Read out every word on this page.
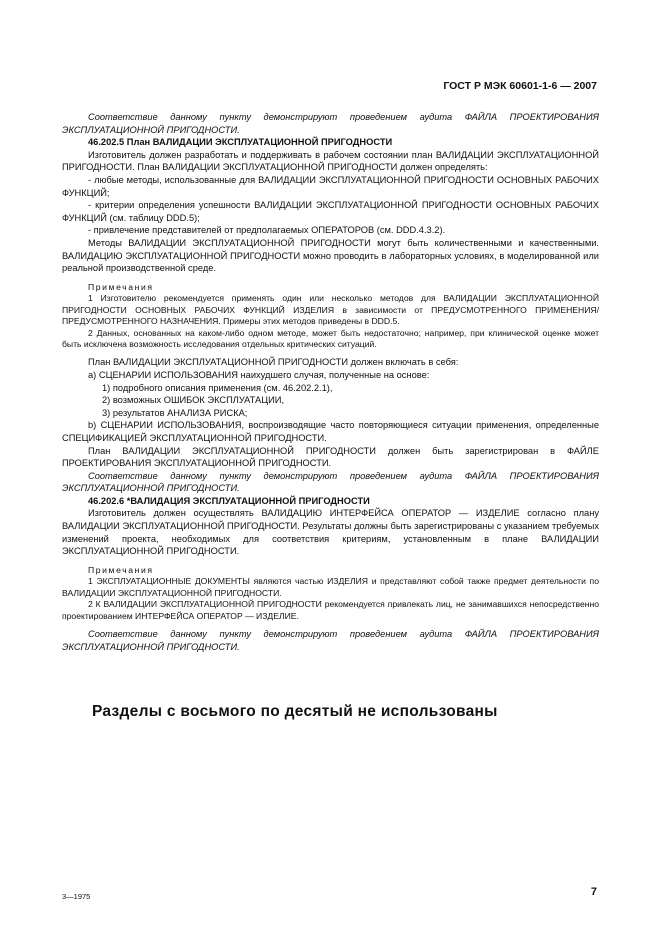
ГОСТ Р МЭК 60601-1-6 — 2007

Соответствие данному пункту демонстрируют проведением аудита ФАЙЛА ПРОЕКТИРОВАНИЯ ЭКСПЛУАТАЦИОННОЙ ПРИГОДНОСТИ.

46.202.5 План ВАЛИДАЦИИ ЭКСПЛУАТАЦИОННОЙ ПРИГОДНОСТИ

Изготовитель должен разработать и поддерживать в рабочем состоянии план ВАЛИДАЦИИ ЭКСПЛУАТАЦИОННОЙ ПРИГОДНОСТИ. План ВАЛИДАЦИИ ЭКСПЛУАТАЦИОННОЙ ПРИГОДНОСТИ должен определять:

- любые методы, использованные для ВАЛИДАЦИИ ЭКСПЛУАТАЦИОННОЙ ПРИГОДНОСТИ ОСНОВНЫХ РАБОЧИХ ФУНКЦИЙ;

- критерии определения успешности ВАЛИДАЦИИ ЭКСПЛУАТАЦИОННОЙ ПРИГОДНОСТИ ОСНОВНЫХ РАБОЧИХ ФУНКЦИЙ (см. таблицу DDD.5);

- привлечение представителей от предполагаемых ОПЕРАТОРОВ (см. DDD.4.3.2).

Методы ВАЛИДАЦИИ ЭКСПЛУАТАЦИОННОЙ ПРИГОДНОСТИ могут быть количественными и качественными. ВАЛИДАЦИЮ ЭКСПЛУАТАЦИОННОЙ ПРИГОДНОСТИ можно проводить в лабораторных условиях, в моделированной или реальной производственной среде.

Примечания

1 Изготовителю рекомендуется применять один или несколько методов для ВАЛИДАЦИИ ЭКСПЛУАТАЦИОННОЙ ПРИГОДНОСТИ ОСНОВНЫХ РАБОЧИХ ФУНКЦИЙ ИЗДЕЛИЯ в зависимости от ПРЕДУСМОТРЕННОГО ПРИМЕНЕНИЯ/ПРЕДУСМОТРЕННОГО НАЗНАЧЕНИЯ. Примеры этих методов приведены в DDD.5.

2 Данных, основанных на каком-либо одном методе, может быть недостаточно; например, при клинической оценке может быть исключена возможность исследования отдельных критических ситуаций.

План ВАЛИДАЦИИ ЭКСПЛУАТАЦИОННОЙ ПРИГОДНОСТИ должен включать в себя:

а) СЦЕНАРИИ ИСПОЛЬЗОВАНИЯ наихудшего случая, полученные на основе:

1) подробного описания применения (см. 46.202.2.1),

2) возможных ОШИБОК ЭКСПЛУАТАЦИИ,

3) результатов АНАЛИЗА РИСКА;

b) СЦЕНАРИИ ИСПОЛЬЗОВАНИЯ, воспроизводящие часто повторяющиеся ситуации применения, определенные СПЕЦИФИКАЦИЕЙ ЭКСПЛУАТАЦИОННОЙ ПРИГОДНОСТИ.

План ВАЛИДАЦИИ ЭКСПЛУАТАЦИОННОЙ ПРИГОДНОСТИ должен быть зарегистрирован в ФАЙЛЕ ПРОЕКТИРОВАНИЯ ЭКСПЛУАТАЦИОННОЙ ПРИГОДНОСТИ.

Соответствие данному пункту демонстрируют проведением аудита ФАЙЛА ПРОЕКТИРОВАНИЯ ЭКСПЛУАТАЦИОННОЙ ПРИГОДНОСТИ.

46.202.6 *ВАЛИДАЦИЯ ЭКСПЛУАТАЦИОННОЙ ПРИГОДНОСТИ

Изготовитель должен осуществлять ВАЛИДАЦИЮ ИНТЕРФЕЙСА ОПЕРАТОР — ИЗДЕЛИЕ согласно плану ВАЛИДАЦИИ ЭКСПЛУАТАЦИОННОЙ ПРИГОДНОСТИ. Результаты должны быть зарегистрированы с указанием требуемых изменений проекта, необходимых для соответствия критериям, установленным в плане ВАЛИДАЦИИ ЭКСПЛУАТАЦИОННОЙ ПРИГОДНОСТИ.

Примечания

1 ЭКСПЛУАТАЦИОННЫЕ ДОКУМЕНТЫ являются частью ИЗДЕЛИЯ и представляют собой также предмет деятельности по ВАЛИДАЦИИ ЭКСПЛУАТАЦИОННОЙ ПРИГОДНОСТИ.

2 К ВАЛИДАЦИИ ЭКСПЛУАТАЦИОННОЙ ПРИГОДНОСТИ рекомендуется привлекать лиц, не занимавшихся непосредственно проектированием ИНТЕРФЕЙСА ОПЕРАТОР — ИЗДЕЛИЕ.

Соответствие данному пункту демонстрируют проведением аудита ФАЙЛА ПРОЕКТИРОВАНИЯ ЭКСПЛУАТАЦИОННОЙ ПРИГОДНОСТИ.

Разделы с восьмого по десятый не использованы
3—1975	7
